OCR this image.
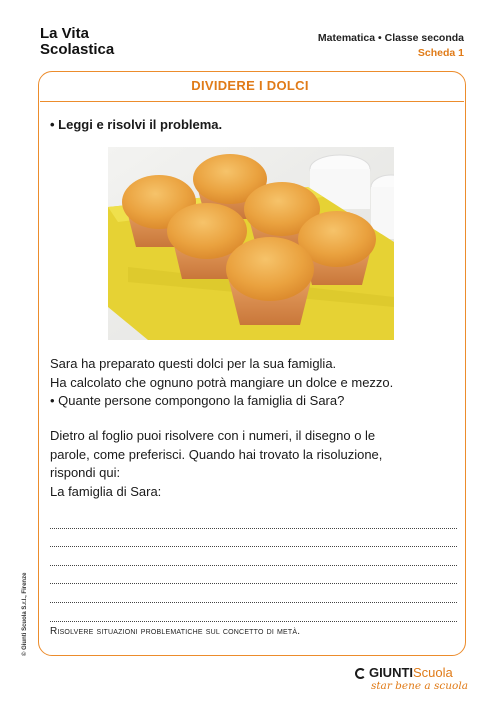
La Vita
Scolastica
Matematica • Classe seconda
Scheda 1
DIVIDERE I DOLCI
• Leggi e risolvi il problema.
Sara ha preparato questi dolci per la sua famiglia.
Ha calcolato che ognuno potrà mangiare un dolce e mezzo.
• Quante persone compongono la famiglia di Sara?
Dietro al foglio puoi risolvere con i numeri, il disegno o le
parole, come preferisci. Quando hai trovato la risoluzione,
rispondi qui:
La famiglia di Sara:
Risolvere situazioni problematiche sul concetto di metà.
© Giunti Scuola S.r.l., Firenze
GIUNTIScuola
star bene a scuola
